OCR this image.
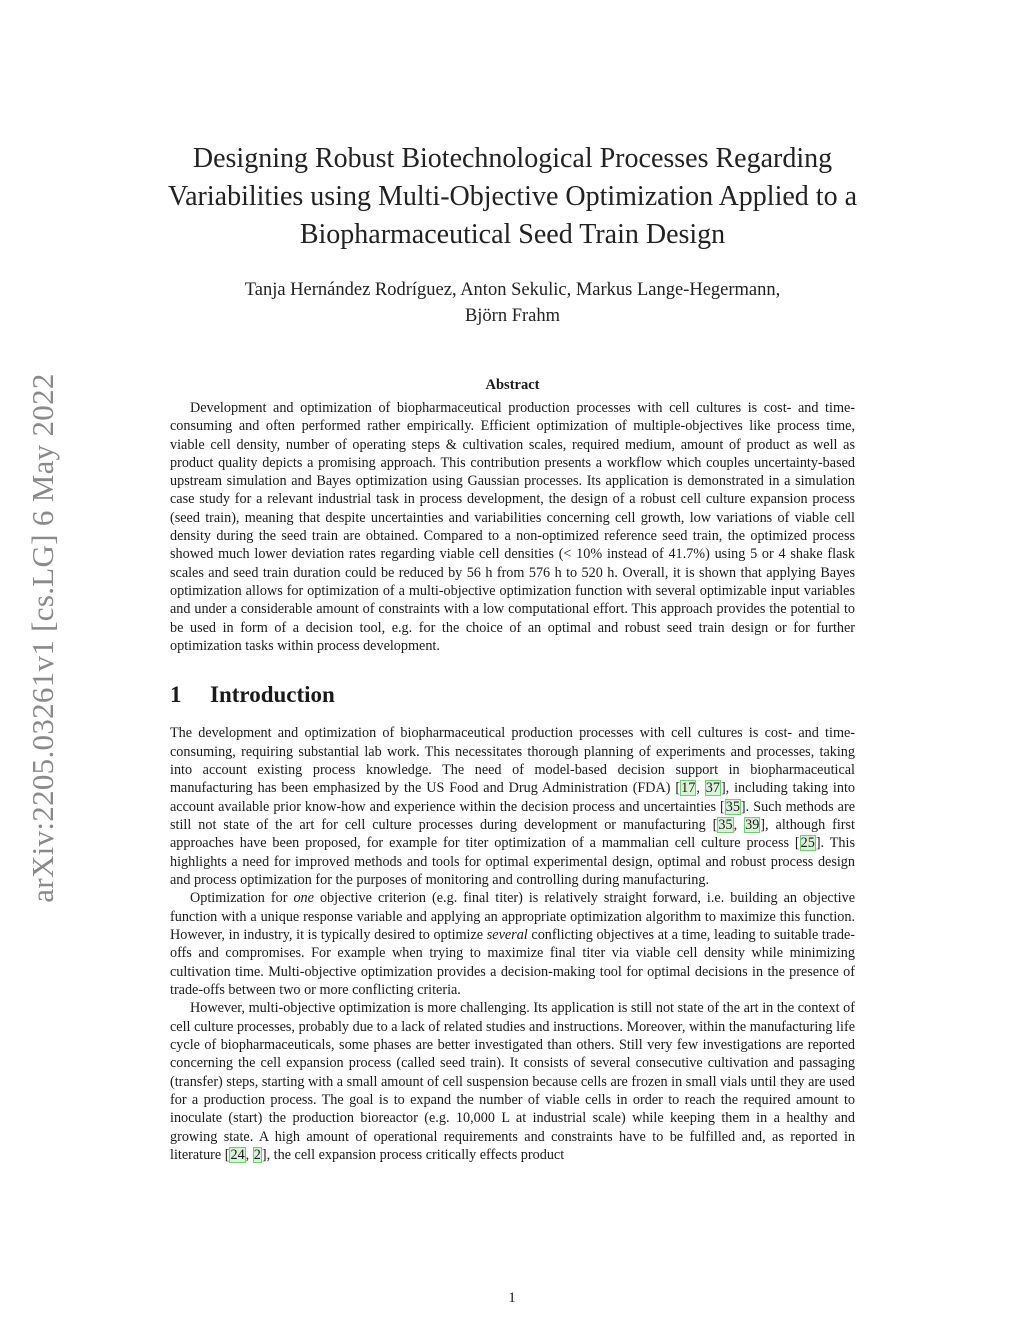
arXiv:2205.03261v1 [cs.LG] 6 May 2022
Designing Robust Biotechnological Processes Regarding
Variabilities using Multi-Objective Optimization Applied to a
Biopharmaceutical Seed Train Design
Tanja Hernández Rodríguez, Anton Sekulic, Markus Lange-Hegermann,
Björn Frahm
Abstract

Development and optimization of biopharmaceutical production processes with cell cultures is cost- and time-consuming and often performed rather empirically. Efficient optimization of multiple-objectives like process time, viable cell density, number of operating steps & cultivation scales, required medium, amount of product as well as product quality depicts a promising approach. This contribution presents a workflow which couples uncertainty-based upstream simulation and Bayes optimization using Gaussian processes. Its application is demonstrated in a simulation case study for a relevant industrial task in process development, the design of a robust cell culture expansion process (seed train), meaning that despite uncertainties and variabilities concerning cell growth, low variations of viable cell density during the seed train are obtained. Compared to a non-optimized reference seed train, the optimized process showed much lower deviation rates regarding viable cell densities (< 10% instead of 41.7%) using 5 or 4 shake flask scales and seed train duration could be reduced by 56 h from 576 h to 520 h. Overall, it is shown that applying Bayes optimization allows for optimization of a multi-objective optimization function with several optimizable input variables and under a considerable amount of constraints with a low computational effort. This approach provides the potential to be used in form of a decision tool, e.g. for the choice of an optimal and robust seed train design or for further optimization tasks within process development.

1	Introduction

The development and optimization of biopharmaceutical production processes with cell cultures is cost- and time-consuming, requiring substantial lab work. This necessitates thorough planning of experiments and processes, taking into account existing process knowledge. The need of model-based decision support in biopharmaceutical manufacturing has been emphasized by the US Food and Drug Administration (FDA) [17, 37], including taking into account available prior know-how and experience within the decision process and uncertainties [35]. Such methods are still not state of the art for cell culture processes during development or manufacturing [35, 39], although first approaches have been proposed, for example for titer optimization of a mammalian cell culture process [25]. This highlights a need for improved methods and tools for optimal experimental design, optimal and robust process design and process optimization for the purposes of monitoring and controlling during manufacturing.

Optimization for one objective criterion (e.g. final titer) is relatively straight forward, i.e. building an objective function with a unique response variable and applying an appropriate optimization algorithm to maximize this function. However, in industry, it is typically desired to optimize several conflicting objectives at a time, leading to suitable trade-offs and compromises. For example when trying to maximize final titer via viable cell density while minimizing cultivation time. Multi-objective optimization provides a decision-making tool for optimal decisions in the presence of trade-offs between two or more conflicting criteria.

However, multi-objective optimization is more challenging. Its application is still not state of the art in the context of cell culture processes, probably due to a lack of related studies and instructions. Moreover, within the manufacturing life cycle of biopharmaceuticals, some phases are better investigated than others. Still very few investigations are reported concerning the cell expansion process (called seed train). It consists of several consecutive cultivation and passaging (transfer) steps, starting with a small amount of cell suspension because cells are frozen in small vials until they are used for a production process. The goal is to expand the number of viable cells in order to reach the required amount to inoculate (start) the production bioreactor (e.g. 10,000 L at industrial scale) while keeping them in a healthy and growing state. A high amount of operational requirements and constraints have to be fulfilled and, as reported in literature [24, 2], the cell expansion process critically effects product

1
